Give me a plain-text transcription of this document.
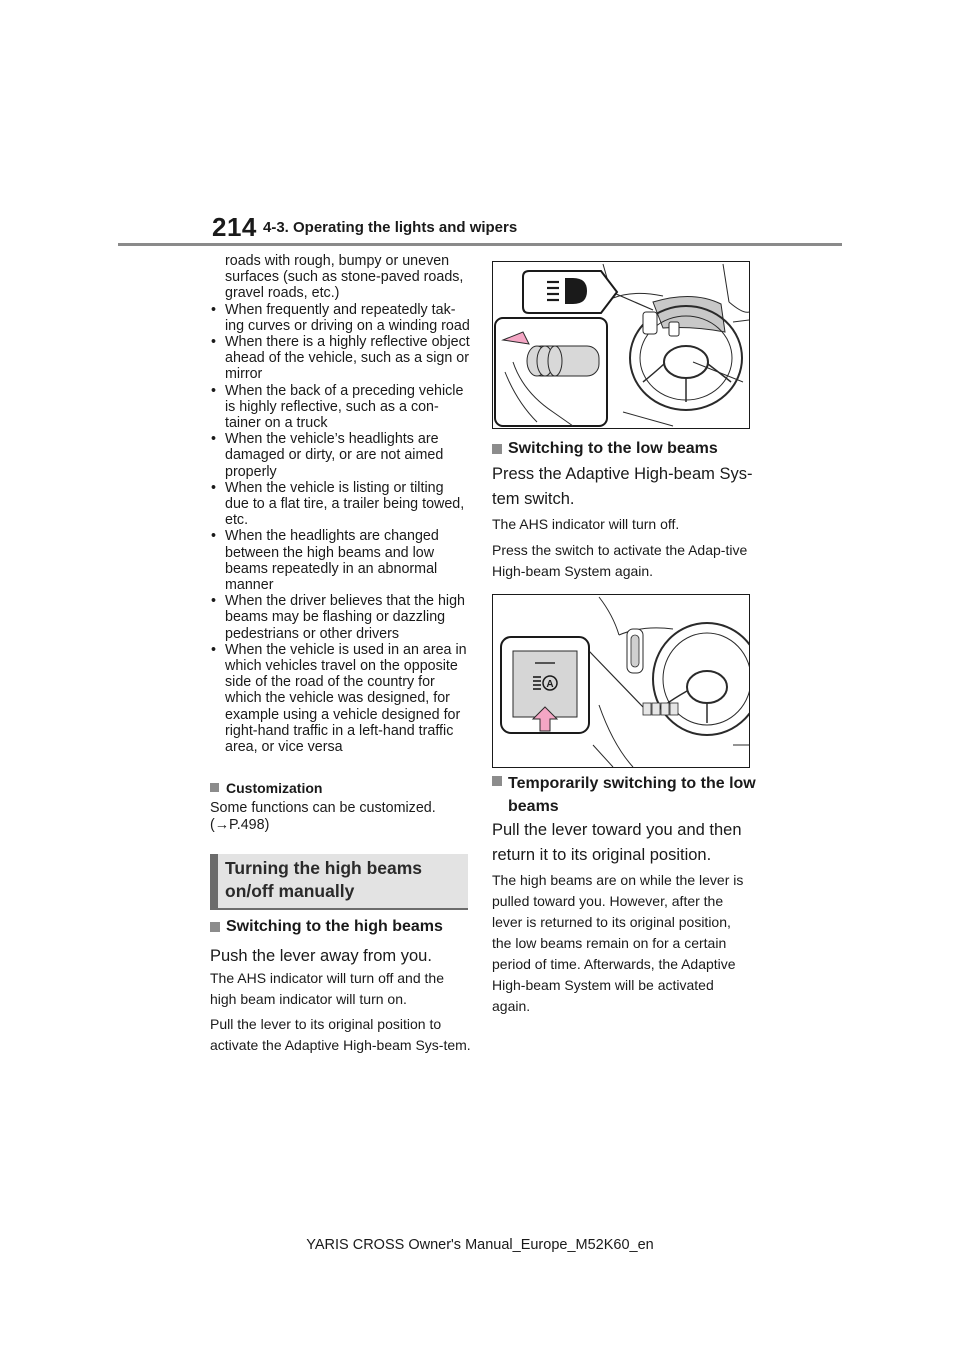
214 4-3. Operating the lights and wipers

roads with rough, bumpy or uneven surfaces (such as stone-paved roads, gravel roads, etc.)

• When frequently and repeatedly tak-ing curves or driving on a winding road
• When there is a highly reflective object ahead of the vehicle, such as a sign or mirror
• When the back of a preceding vehicle is highly reflective, such as a con-tainer on a truck
• When the vehicle’s headlights are damaged or dirty, or are not aimed properly
• When the vehicle is listing or tilting due to a flat tire, a trailer being towed, etc.
• When the headlights are changed between the high beams and low beams repeatedly in an abnormal manner
• When the driver believes that the high beams may be flashing or dazzling pedestrians or other drivers
• When the vehicle is used in an area in which vehicles travel on the opposite side of the road of the country for which the vehicle was designed, for example using a vehicle designed for right-hand traffic in a left-hand traffic area, or vice versa
Customization
Some functions can be customized. (→P.498)
Turning the high beams on/off manually
Switching to the high beams
Push the lever away from you.
The AHS indicator will turn off and the high beam indicator will turn on.
Pull the lever to its original position to activate the Adaptive High-beam Sys-tem.
Switching to the low beams
Press the Adaptive High-beam Sys-tem switch.
The AHS indicator will turn off.
Press the switch to activate the Adap-tive High-beam System again.
A
Temporarily switching to the low beams
Pull the lever toward you and then return it to its original position.
The high beams are on while the lever is pulled toward you. However, after the lever is returned to its original position, the low beams remain on for a certain period of time. Afterwards, the Adaptive High-beam System will be activated again.
YARIS CROSS Owner's Manual_Europe_M52K60_en
